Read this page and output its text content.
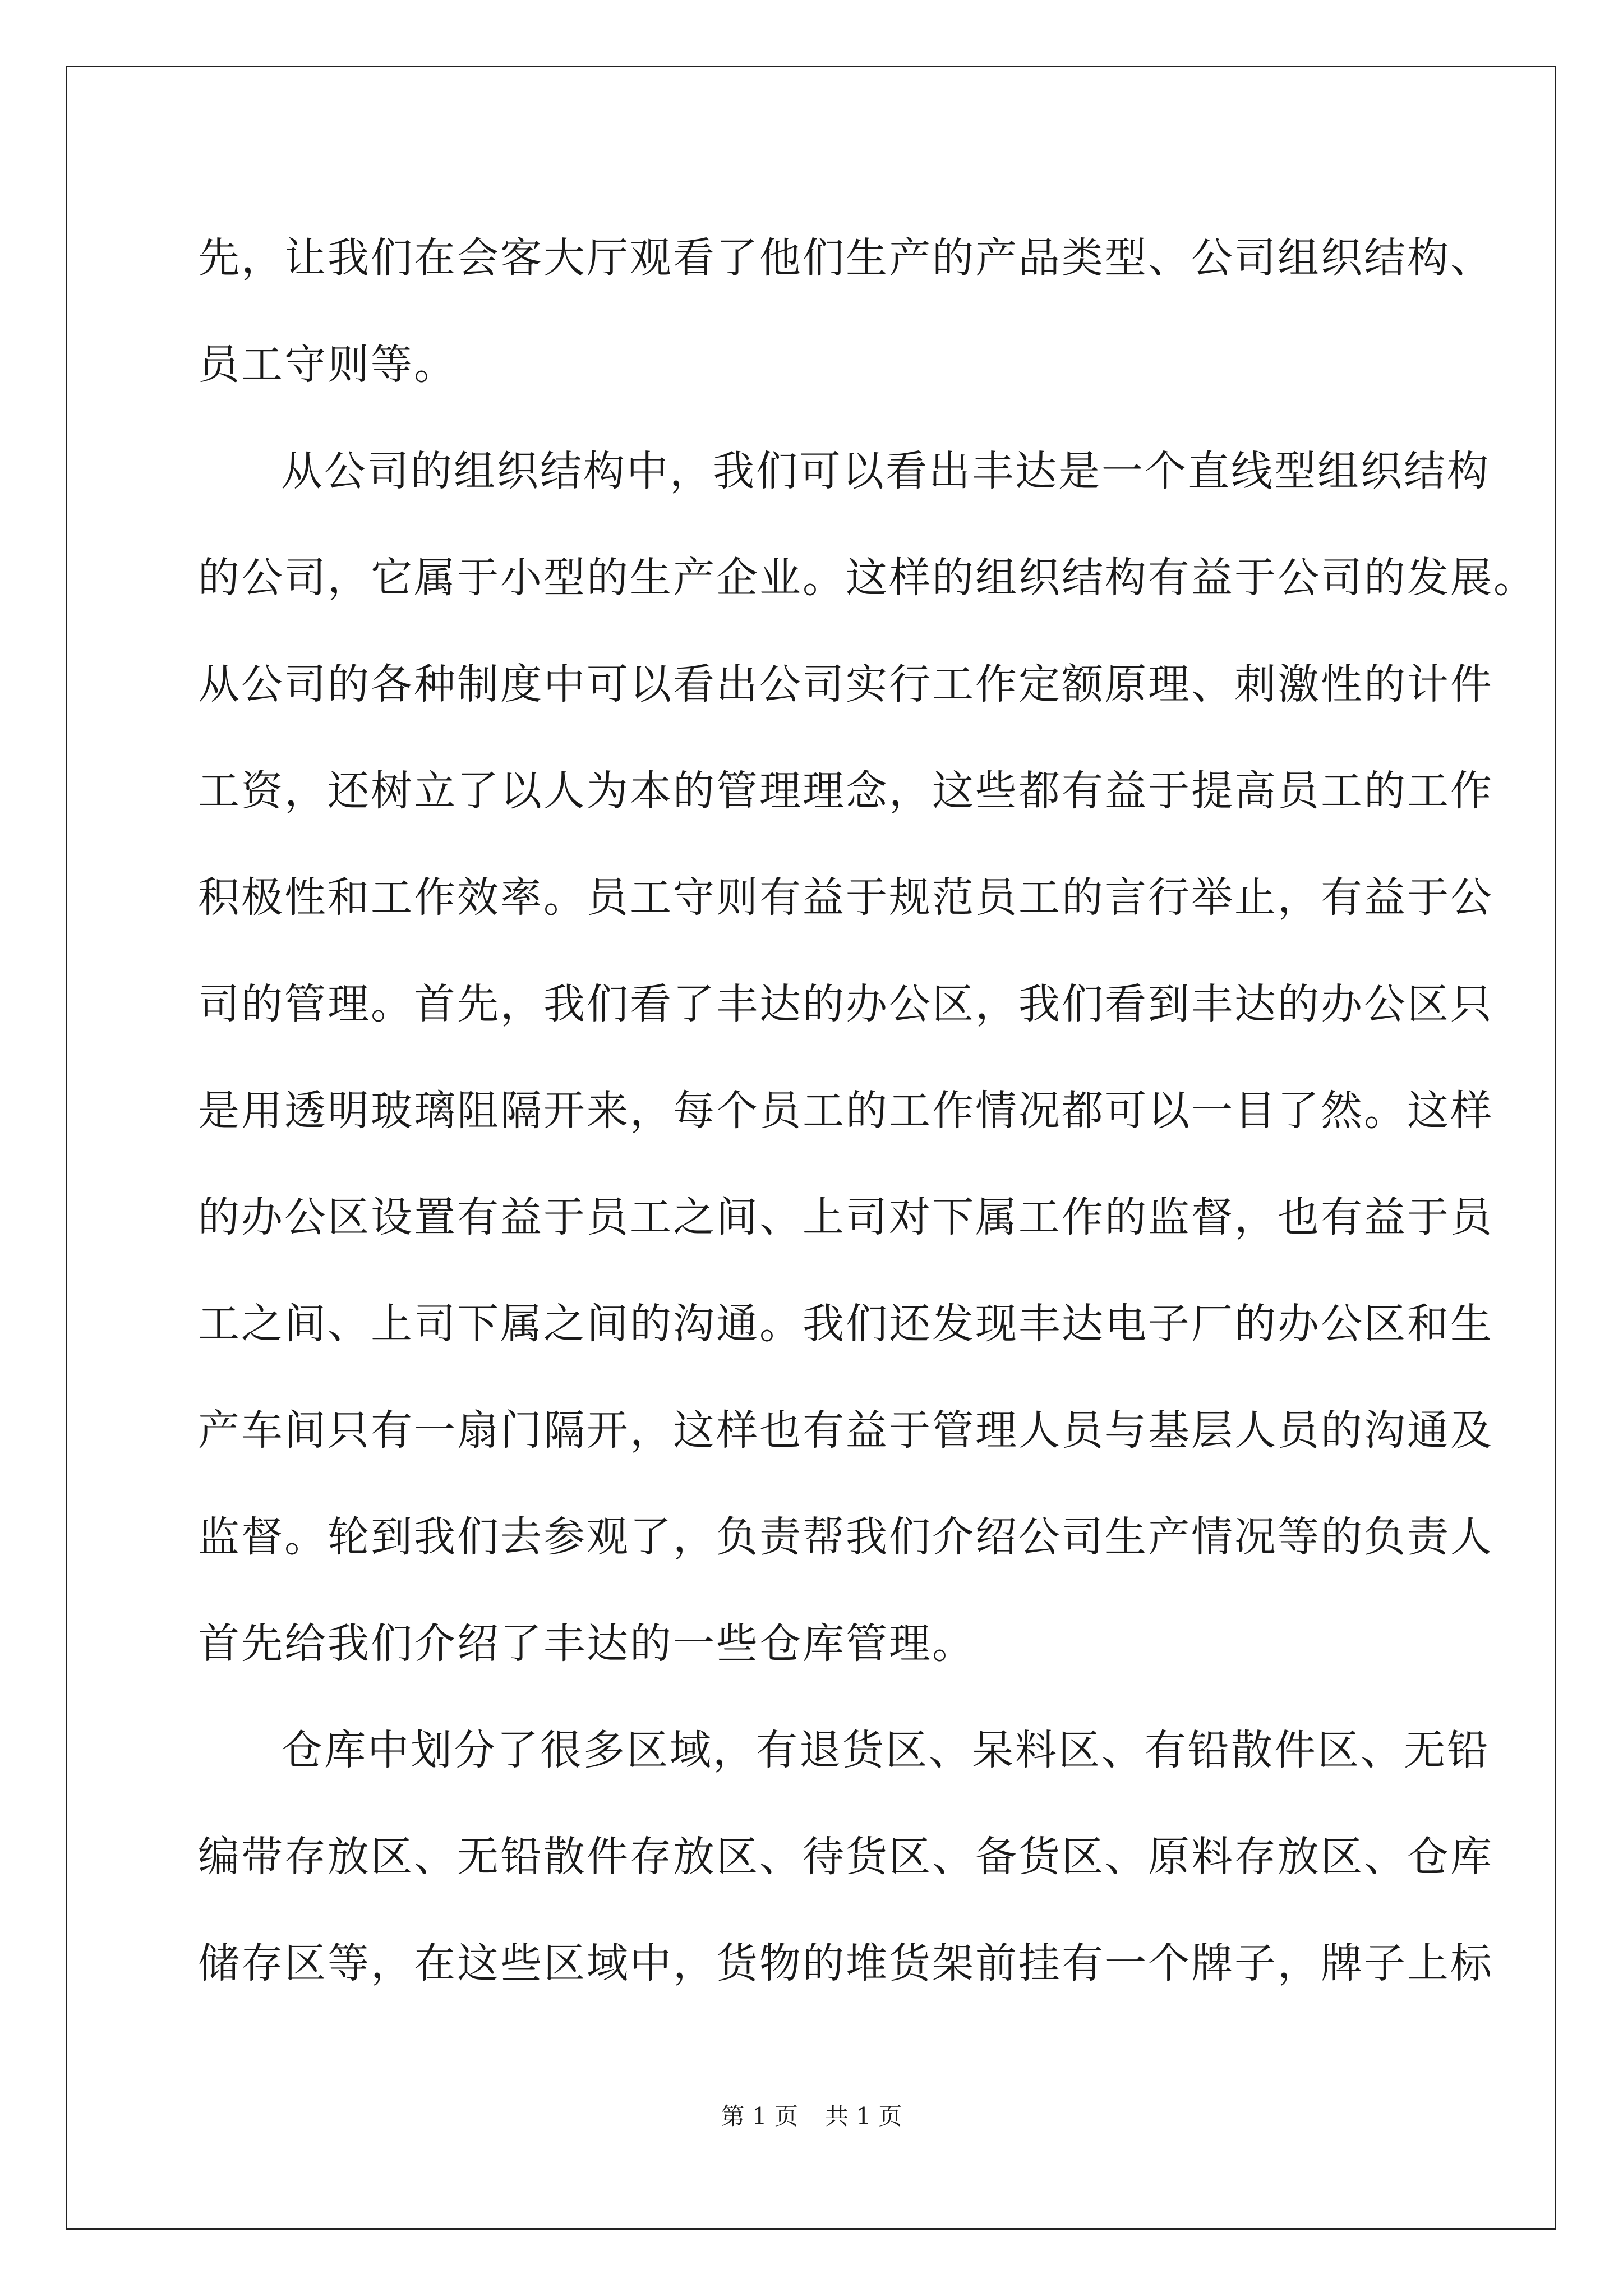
先，让我们在会客大厅观看了他们生产的产品类型、公司组织结构、
员工守则等。
从公司的组织结构中，我们可以看出丰达是一个直线型组织结构
的公司，它属于小型的生产企业。这样的组织结构有益于公司的发展。
从公司的各种制度中可以看出公司实行工作定额原理、刺激性的计件
工资，还树立了以人为本的管理理念，这些都有益于提高员工的工作
积极性和工作效率。员工守则有益于规范员工的言行举止，有益于公
司的管理。首先，我们看了丰达的办公区，我们看到丰达的办公区只
是用透明玻璃阻隔开来，每个员工的工作情况都可以一目了然。这样
的办公区设置有益于员工之间、上司对下属工作的监督，也有益于员
工之间、上司下属之间的沟通。我们还发现丰达电子厂的办公区和生
产车间只有一扇门隔开，这样也有益于管理人员与基层人员的沟通及
监督。轮到我们去参观了，负责帮我们介绍公司生产情况等的负责人
首先给我们介绍了丰达的一些仓库管理。
仓库中划分了很多区域，有退货区、呆料区、有铅散件区、无铅
编带存放区、无铅散件存放区、待货区、备货区、原料存放区、仓库
储存区等，在这些区域中，货物的堆货架前挂有一个牌子，牌子上标
第 1 页 共 1 页
